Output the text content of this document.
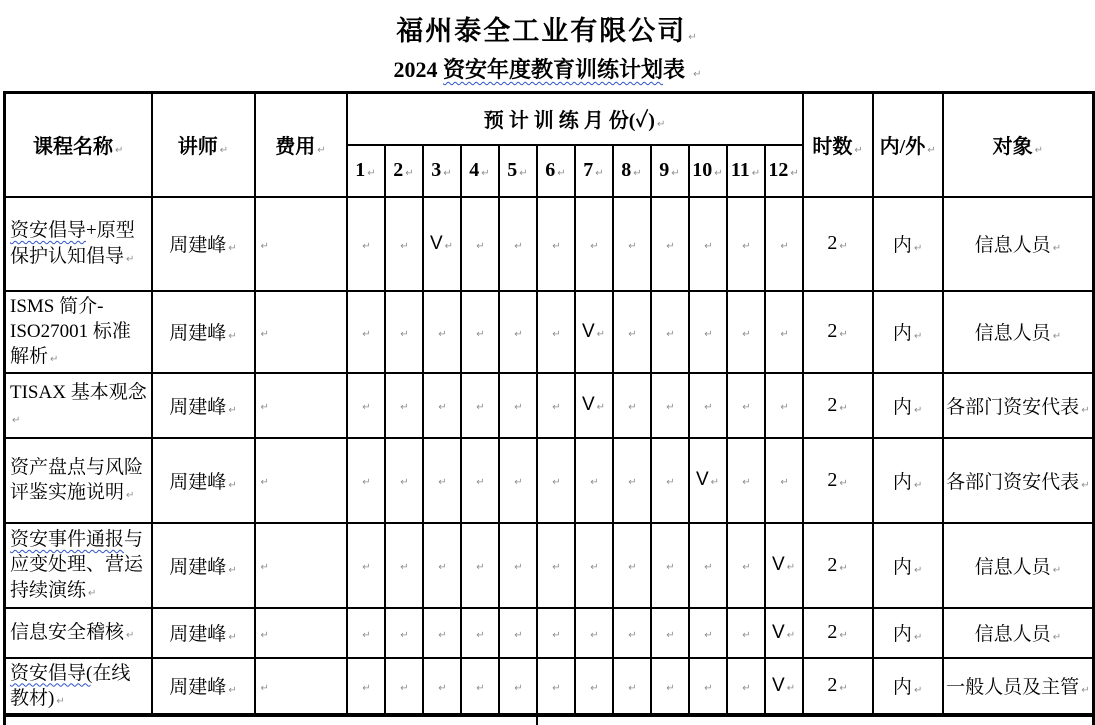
福州泰全工业有限公司 ↵
2024 资安年度教育训练计划表 ↵
课程名称 ↵	讲师 ↵	费用 ↵	预 计 训 练 月 份(✓) ↵												时数 ↵	内/外 ↵	对象 ↵
			1 ↵	2 ↵	3 ↵	4 ↵	5 ↵	6 ↵	7 ↵	8 ↵	9 ↵	10 ↵	11 ↵	12 ↵			
资安倡导+原型保护认知倡导 ↵	周建峰 ↵	↵	↵	↵	V ↵	↵	↵	↵	↵	↵	↵	↵	↵	↵	2 ↵	内 ↵	信息人员 ↵
ISMS 简介-ISO27001 标准解析 ↵	周建峰 ↵	↵	↵	↵	↵	↵	↵	↵	V ↵	↵	↵	↵	↵	↵	2 ↵	内 ↵	信息人员 ↵
TISAX 基本观念↵	周建峰 ↵	↵	↵	↵	↵	↵	↵	↵	V ↵	↵	↵	↵	↵	↵	2 ↵	内 ↵	各部门资安代表 ↵
资产盘点与风险评鉴实施说明 ↵	周建峰 ↵	↵	↵	↵	↵	↵	↵	↵	↵	↵	↵	V ↵	↵	↵	2 ↵	内 ↵	各部门资安代表 ↵
资安事件通报与应变处理、营运持续演练 ↵	周建峰 ↵	↵	↵	↵	↵	↵	↵	↵	↵	↵	↵	↵	↵	V ↵	2 ↵	内 ↵	信息人员 ↵
信息安全稽核 ↵	周建峰 ↵	↵	↵	↵	↵	↵	↵	↵	↵	↵	↵	↵	↵	V ↵	2 ↵	内 ↵	信息人员 ↵
资安倡导(在线教材) ↵	周建峰 ↵	↵	↵	↵	↵	↵	↵	↵	↵	↵	↵	↵	↵	V ↵	2 ↵	内 ↵	一般人员及主管 ↵
